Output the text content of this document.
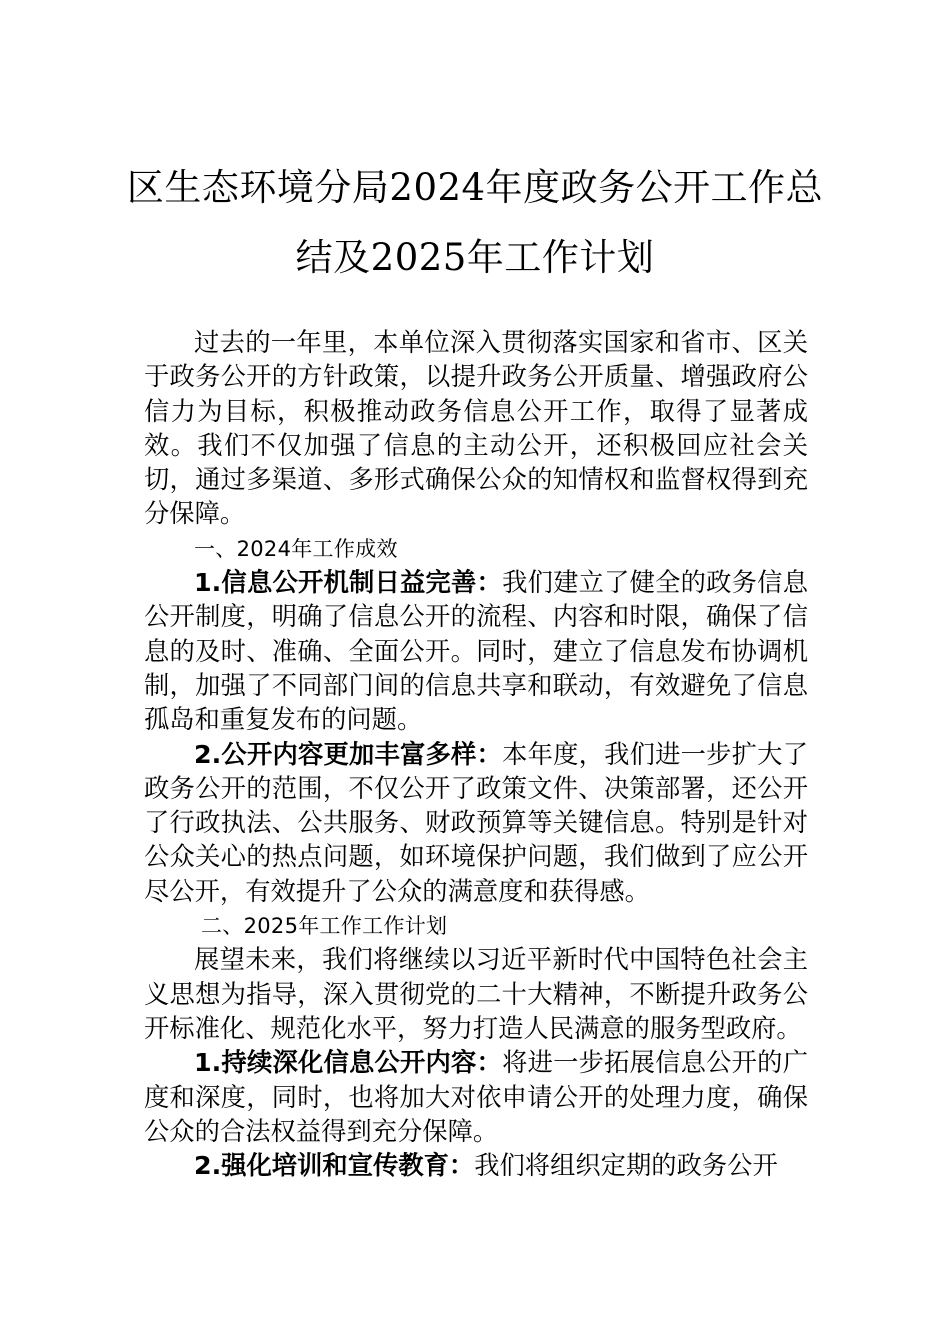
区生态环境分局2024年度政务公开工作总
结及2025年工作计划

过去的一年里，本单位深入贯彻落实国家和省市、区关于政务公开的方针政策，以提升政务公开质量、增强政府公信力为目标，积极推动政务信息公开工作，取得了显著成效。我们不仅加强了信息的主动公开，还积极回应社会关切，通过多渠道、多形式确保公众的知情权和监督权得到充分保障。

一、2024年工作成效

1.信息公开机制日益完善：我们建立了健全的政务信息公开制度，明确了信息公开的流程、内容和时限，确保了信息的及时、准确、全面公开。同时，建立了信息发布协调机制，加强了不同部门间的信息共享和联动，有效避免了信息孤岛和重复发布的问题。

2.公开内容更加丰富多样：本年度，我们进一步扩大了政务公开的范围，不仅公开了政策文件、决策部署，还公开了行政执法、公共服务、财政预算等关键信息。特别是针对公众关心的热点问题，如环境保护问题，我们做到了应公开尽公开，有效提升了公众的满意度和获得感。

二、2025年工作工作计划

展望未来，我们将继续以习近平新时代中国特色社会主义思想为指导，深入贯彻党的二十大精神，不断提升政务公开标准化、规范化水平，努力打造人民满意的服务型政府。

1.持续深化信息公开内容：将进一步拓展信息公开的广度和深度，同时，也将加大对依申请公开的处理力度，确保公众的合法权益得到充分保障。

2.强化培训和宣传教育：我们将组织定期的政务公开
